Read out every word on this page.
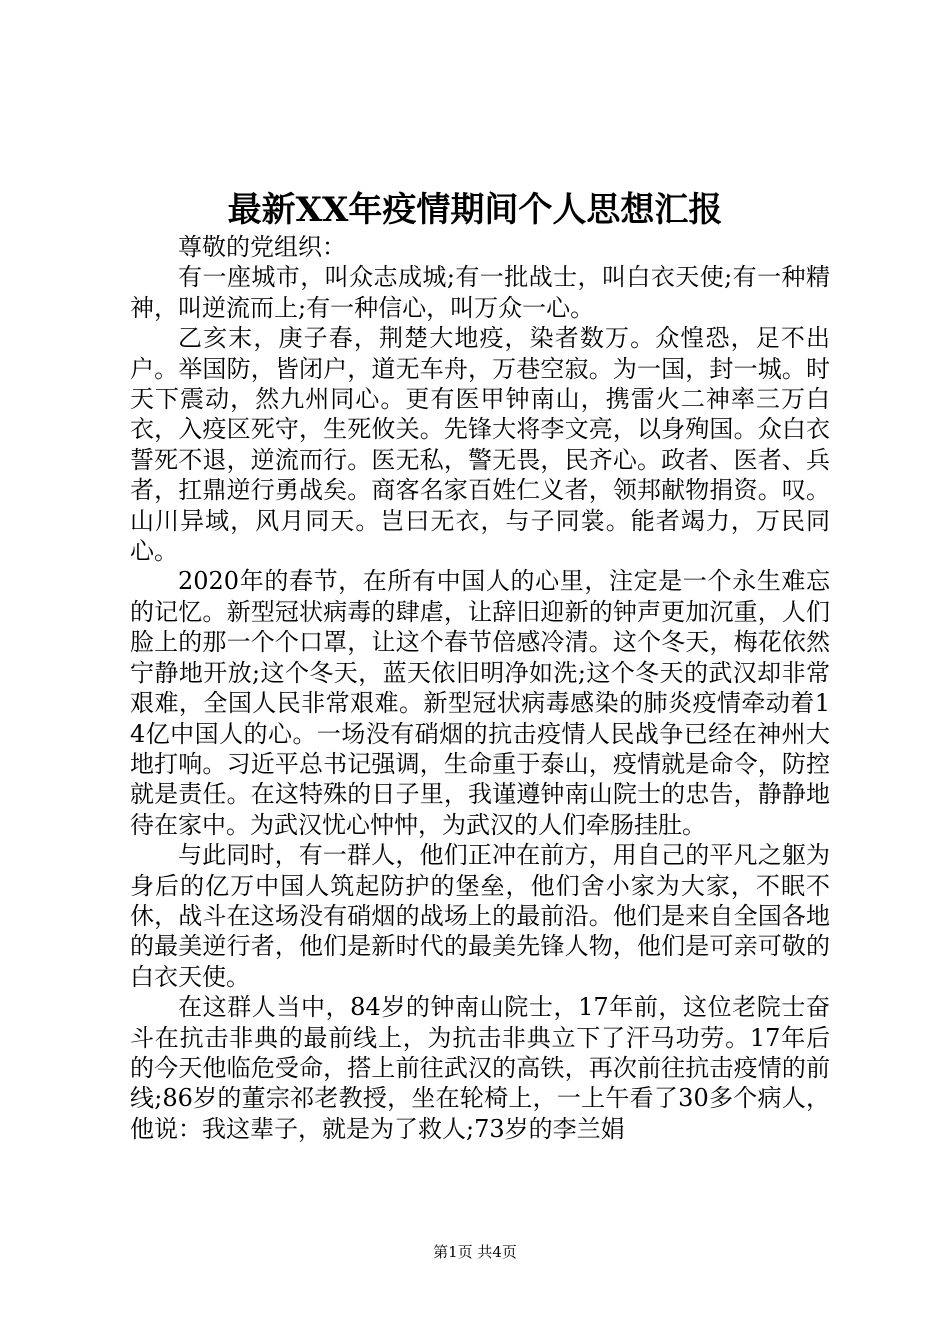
最新XX年疫情期间个人思想汇报

尊敬的党组织：

有一座城市，叫众志成城;有一批战士，叫白衣天使;有一种精神，叫逆流而上;有一种信心，叫万众一心。

乙亥末，庚子春，荆楚大地疫，染者数万。众惶恐，足不出户。举国防，皆闭户，道无车舟，万巷空寂。为一国，封一城。时天下震动，然九州同心。更有医甲钟南山，携雷火二神率三万白衣，入疫区死守，生死攸关。先锋大将李文亮，以身殉国。众白衣誓死不退，逆流而行。医无私，警无畏，民齐心。政者、医者、兵者，扛鼎逆行勇战矣。商客名家百姓仁义者，领邦献物捐资。叹。山川异域，风月同天。岂曰无衣，与子同裳。能者竭力，万民同心。

2020年的春节，在所有中国人的心里，注定是一个永生难忘的记忆。新型冠状病毒的肆虐，让辞旧迎新的钟声更加沉重，人们脸上的那一个个口罩，让这个春节倍感冷清。这个冬天，梅花依然宁静地开放;这个冬天，蓝天依旧明净如洗;这个冬天的武汉却非常艰难，全国人民非常艰难。新型冠状病毒感染的肺炎疫情牵动着14亿中国人的心。一场没有硝烟的抗击疫情人民战争已经在神州大地打响。习近平总书记强调，生命重于泰山，疫情就是命令，防控就是责任。在这特殊的日子里，我谨遵钟南山院士的忠告，静静地待在家中。为武汉忧心忡忡，为武汉的人们牵肠挂肚。

与此同时，有一群人，他们正冲在前方，用自己的平凡之躯为身后的亿万中国人筑起防护的堡垒，他们舍小家为大家，不眠不休，战斗在这场没有硝烟的战场上的最前沿。他们是来自全国各地的最美逆行者，他们是新时代的最美先锋人物，他们是可亲可敬的白衣天使。

在这群人当中，84岁的钟南山院士，17年前，这位老院士奋斗在抗击非典的最前线上，为抗击非典立下了汗马功劳。17年后的今天他临危受命，搭上前往武汉的高铁，再次前往抗击疫情的前线;86岁的董宗祁老教授，坐在轮椅上，一上午看了30多个病人，他说：我这辈子，就是为了救人;73岁的李兰娟

第1页 共4页
